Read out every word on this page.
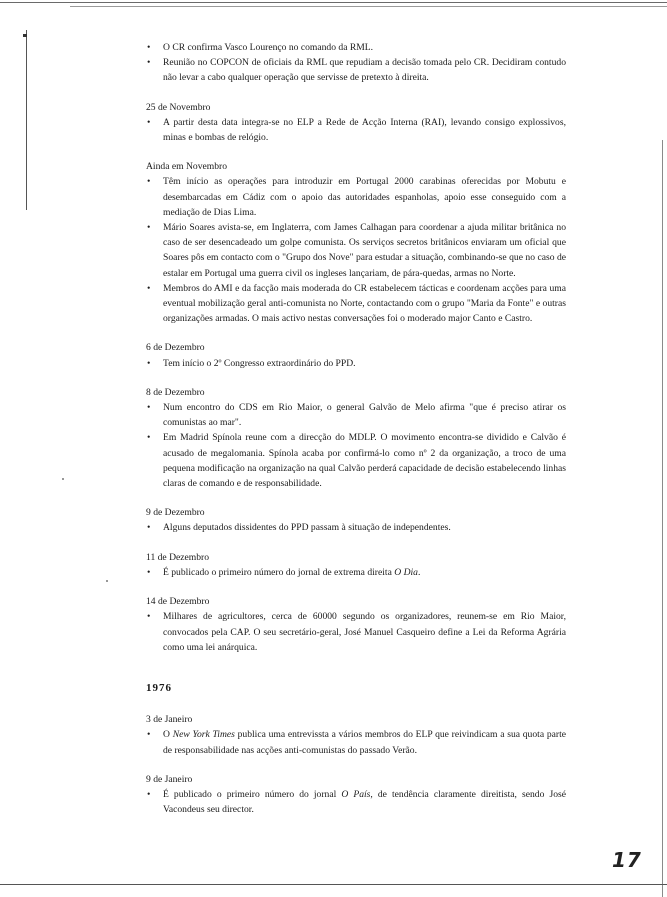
• O CR confirma Vasco Lourenço no comando da RML.
• Reunião no COPCON de oficiais da RML que repudiam a decisão tomada pelo CR. Decidiram contudo não levar a cabo qualquer operação que servisse de pretexto à direita.

25 de Novembro

• A partir desta data integra-se no ELP a Rede de Acção Interna (RAI), levando consigo explossivos, minas e bombas de relógio.

Ainda em Novembro

• Têm início as operações para introduzir em Portugal 2000 carabinas oferecidas por Mobutu e desembarcadas em Cádiz com o apoio das autoridades espanholas, apoio esse conseguido com a mediação de Dias Lima.
• Mário Soares avista-se, em Inglaterra, com James Calhagan para coordenar a ajuda militar britânica no caso de ser desencadeado um golpe comunista. Os serviços secretos britânicos enviaram um oficial que Soares pôs em contacto com o "Grupo dos Nove" para estudar a situação, combinando-se que no caso de estalar em Portugal uma guerra civil os ingleses lançariam, de pára-quedas, armas no Norte.
• Membros do AMI e da facção mais moderada do CR estabelecem tácticas e coordenam acções para uma eventual mobilização geral anti-comunista no Norte, contactando com o grupo "Maria da Fonte" e outras organizações armadas. O mais activo nestas conversações foi o moderado major Canto e Castro.

6 de Dezembro

• Tem início o 2º Congresso extraordinário do PPD.

8 de Dezembro

• Num encontro do CDS em Rio Maior, o general Galvão de Melo afirma "que é preciso atirar os comunistas ao mar".
• Em Madrid Spínola reune com a direcção do MDLP. O movimento encontra-se dividido e Calvão é acusado de megalomania. Spínola acaba por confirmá-lo como nº 2 da organização, a troco de uma pequena modificação na organização na qual Calvão perderá capacidade de decisão estabelecendo linhas claras de comando e de responsabilidade.

9 de Dezembro

• Alguns deputados dissidentes do PPD passam à situação de independentes.

11 de Dezembro

• É publicado o primeiro número do jornal de extrema direita O Dia.

14 de Dezembro

• Milhares de agricultores, cerca de 60000 segundo os organizadores, reunem-se em Rio Maior, convocados pela CAP. O seu secretário-geral, José Manuel Casqueiro define a Lei da Reforma Agrária como uma lei anárquica.
1976

3 de Janeiro

• O New York Times publica uma entrevissta a vários membros do ELP que reivindicam a sua quota parte de responsabilidade nas acções anti-comunistas do passado Verão.

9 de Janeiro

• É publicado o primeiro número do jornal O País, de tendência claramente direitista, sendo José Vacondeus seu director.
17
